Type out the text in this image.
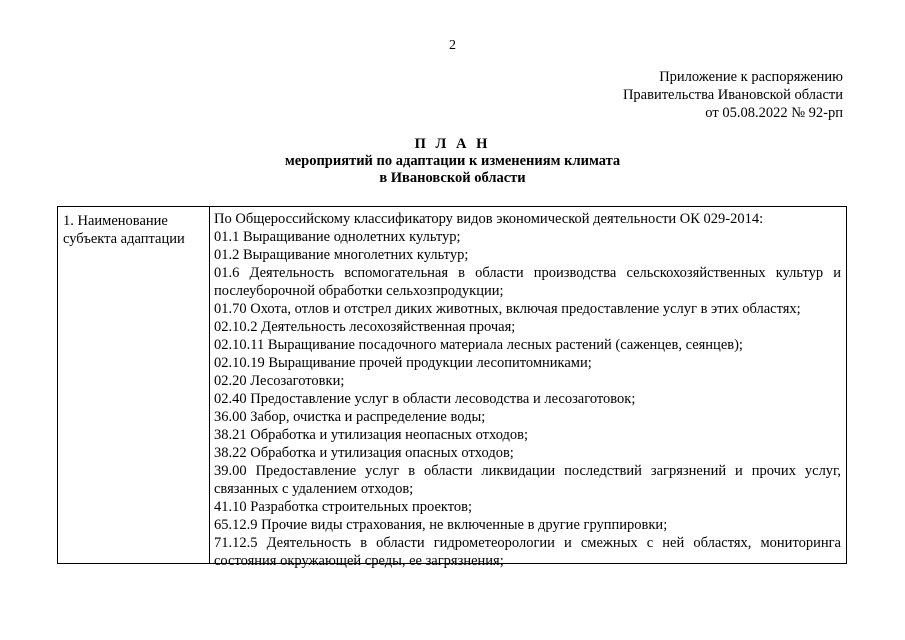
2
Приложение к распоряжению
Правительства Ивановской области
от 05.08.2022 № 92-рп
П Л А Н
мероприятий по адаптации к изменениям климата
в Ивановской области
1. Наименование субъекта адаптации
По Общероссийскому классификатору видов экономической деятельности ОК 029-2014:
01.1 Выращивание однолетних культур;
01.2 Выращивание многолетних культур;
01.6 Деятельность вспомогательная в области производства сельскохозяйственных культур и послеуборочной обработки сельхозпродукции;
01.70 Охота, отлов и отстрел диких животных, включая предоставление услуг в этих областях;
02.10.2 Деятельность лесохозяйственная прочая;
02.10.11 Выращивание посадочного материала лесных растений (саженцев, сеянцев);
02.10.19 Выращивание прочей продукции лесопитомниками;
02.20 Лесозаготовки;
02.40 Предоставление услуг в области лесоводства и лесозаготовок;
36.00 Забор, очистка и распределение воды;
38.21 Обработка и утилизация неопасных отходов;
38.22 Обработка и утилизация опасных отходов;
39.00 Предоставление услуг в области ликвидации последствий загрязнений и прочих услуг, связанных с удалением отходов;
41.10 Разработка строительных проектов;
65.12.9 Прочие виды страхования, не включенные в другие группировки;
71.12.5 Деятельность в области гидрометеорологии и смежных с ней областях, мониторинга состояния окружающей среды, ее загрязнения;
